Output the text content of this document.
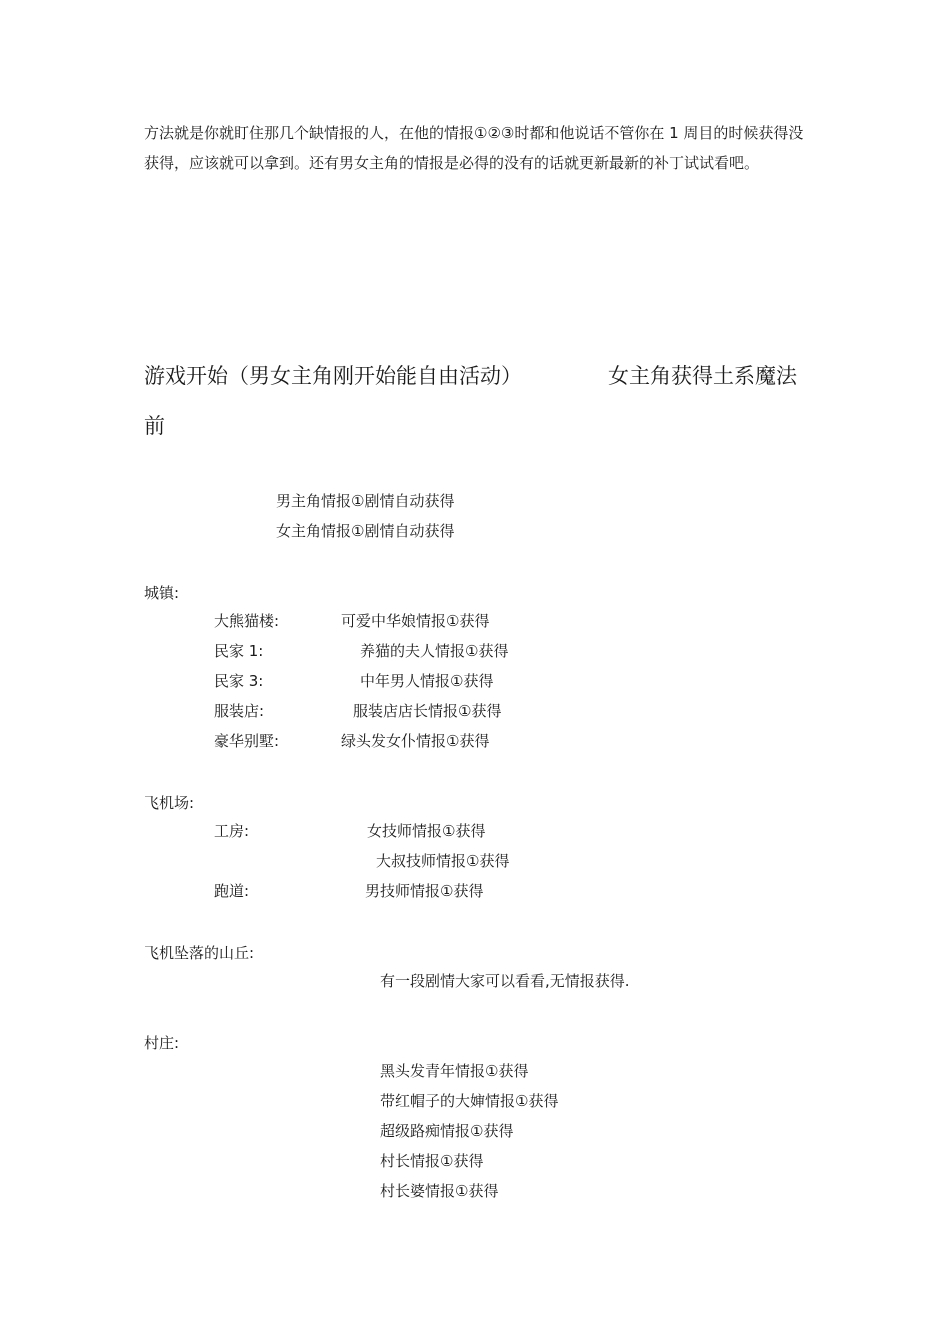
方法就是你就盯住那几个缺情报的人，在他的情报①②③时都和他说话不管你在 1 周目的时候获得没获得，应该就可以拿到。还有男女主角的情报是必得的没有的话就更新最新的补丁试试看吧。
游戏开始（男女主角刚开始能自由活动）	女主角获得土系魔法
前
男主角情报①剧情自动获得
女主角情报①剧情自动获得
城镇:
大熊猫楼:	可爱中华娘情报①获得
民家 1:	养猫的夫人情报①获得
民家 3:	中年男人情报①获得
服装店:	服装店店长情报①获得
豪华别墅:	绿头发女仆情报①获得
飞机场:
工房:	女技师情报①获得
大叔技师情报①获得
跑道:	男技师情报①获得
飞机坠落的山丘:
有一段剧情大家可以看看,无情报获得.
村庄:
黑头发青年情报①获得
带红帽子的大婶情报①获得
超级路痴情报①获得
村长情报①获得
村长婆情报①获得
